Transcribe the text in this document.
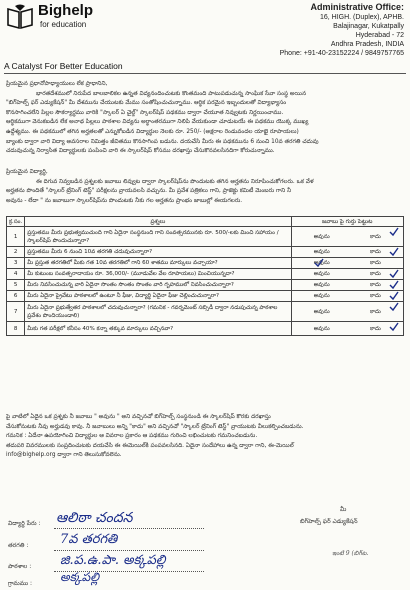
Bighelp
for education
A Catalyst For Better Education
Administrative Office:
16, HIGH. (Duplex), APHB.
Balajinagar, Kukatpally
Hyderabad - 72
Andhra Pradesh, INDIA
Phone: +91-40-23152224 / 9849757765
ప్రియమైన ప్రధానోపాధ్యాయులు లేక ప్రాధానిని,
భారతదేశములో నిరుపేద బాలబాలికల ఉన్నత విద్యనందించుటకు కొంతమంది పాటుపడుచున్న సాంఘిక సేవా సంస్థ అయిన
"బిగ్‌హెల్ప్ ఫర్ ఎడ్యుకేషన్" మీ దేశమును చేయుటకు మేము సంతోషించుచున్నాము. ఆర్థిక పరమైన ఇబ్బందులతో విద్యాభ్యాసం
కొనసాగించలేని పిల్లల సౌకర్యార్థము వారికి "స్కాలర్ ఏ చైల్డ్" స్కాలర్‌షిప్ పథకము ద్వారా చేయూత నివ్వుటకు నిర్ణయించాము.
ఆర్థికముగా వెనుకబడిన లేక అనాథ పిల్లలు పాఠశాల విద్యను అర్థాంతరముగా నిలిపి వేయకుండా చూడుటయే ఈ పథకము యొక్క ముఖ్య
ఉద్దేశ్యము. ఈ పథకములో తగిన అర్హతలతో ఎన్నుకోబడిన విద్యార్థుల నెలకు రూ. 250/- (అక్షరాల రెండువందల యాభై రూపాయలు)
బ్యాంకు ద్వారా వారి విద్యా అవసరాల నిమిత్తం జీవితము కొనసాగింప బడును. దయచేసి మీరు ఈ పథకమును 6 నుంచి 10వ తరగతి చదువు
చదువుచున్న నిర్వాసిత విద్యార్థులకు పంపించి వారి ఈ స్కాలర్‌షిప్ కోసము దరఖాస్తు చేసుకొనవలసినదిగా కోరుచున్నాము.
ప్రియమైన విద్యార్థి,
ఈ దిగువ నివ్వబడిన ప్రశ్నలకు జవాబు లివ్వుట ద్వారా స్కాలర్‌షిప్‌ను పొందుటకు తగిన అర్హతను నిరూపించుకోగలరు. ఒక వేళ
అర్హతను పొందితే "స్కాలర్ ట్రేనింగ్ టెస్ట్" పరీక్షలను వ్రాయవలసి వచ్చును. మీ ప్రవేశ పత్రికలు గాని, ప్రాజెక్టు కమిటీ మెంబరు గాని నీ
అవును - లేదా " ను జవాబుగా స్కాలర్‌షిప్‌ను పొందుటకు నీకు గల అర్హతను ప్రాంభం జాబుల్లో ఈయగలరు.
క్ర.సం.	ప్రశ్నలు	జవాబు పై గుర్తు పెట్టుట
1	ప్రస్తుతము మీరు ప్రభుత్వముచుంది గాని ఏదైనా సంస్థనుంది గాని సంవత్సరమునకు రూ. 500/-లకు మించి సహాయం / స్కాలర్‌షిప్ పొందుచున్నారా?	అవును కాదు

2	ప్రస్తుతము మీరు 6 నుంచి 10వ తరగతి చదువుచున్నారా?	అవును కాదు

3	మీ ప్రస్తుత తరగతిలో మీకు గత 10వ తరగతిలో గాని 60 శాతము మార్కులు వచ్చాయా?	అవును కాదు

4	మీ కుటుంబ సంవత్సరాదాయం రూ. 36,000/- (మూడువేల వేల రూపాయలు) మించియున్నదా?	అవును కాదు

5	మీరు నివసించుచున్న వారి ఏదైనా సొంతం సొంతం సొంతం వారి గృహములో నివసించుచున్నారా?	అవును కాదు

6	మీరు ఏదైనా ప్రైవేటు పాఠశాలలో ఉంటూ నీ ఫీజు, విద్యార్థి ఏదైనా ఫీజు చెల్లించుచున్నారా?	అవును కాదు

7	మీరు ఏదైనా ప్రభుత్వేతర పాఠశాలలో చదువుచున్నారా? (గమనిక - గవర్నమెంట్ సబ్సిడీ ద్వారా నడుపుచున్న పాఠశాల ప్రవేశం పొందియుండాలి)	అవును కాదు

8	మీకు గత పరీక్షలో కనీసం 40% కన్నా తక్కువ మార్కులు వచ్చినవా?	అవును కాదు
పై వాటిలో ఏదైన ఒక ప్రశ్నకు నీ జవాబు " అవును " అని వచ్చినచో బిగ్‌హెల్ప్ సంస్థనుండి ఈ స్కాలర్‌షిప్ కొరకు దరఖాస్తు
చేసుకోనుటకు నీవు అర్హుడవు కావు. నీ జవాబులు అన్ని "కాదు" అని వచ్చినచో "స్కాలర్ ట్రేనింగ్ టెస్ట్" వ్రాయుటకు వీలుకల్పించబడును.
గమనిక : ఏదేనా ఉపయోగించి విద్యార్థుల ఆ వివరాల ప్రకారం ఆ పథకము గురించి లభించుటకు గమనించబడును.
తదుపరి వివరములకు సంప్రదించుటకు దయచేసి ఈ ఈమెయిల్‌కి పంపవలసినది. ఏదైనా సందేహాలు ఉన్న ద్వారా గాని, ఈ-మెయిల్
info@bighelp.org ద్వారా గాని తెలుసుకోవలెను.
విద్యార్థి పేరు : ఆలిఠా చందన
తరగతి : 7వ తరగతి
పాఠశాల : జి.ప.ఉ.పా. అక్కపల్లి
గ్రామము : అక్కపల్లి
మీ
బిగ్‌హెల్ప్ ఫర్ ఎడ్యుకేషన్
ఇంటి 9 (బిగ్‌ట.
